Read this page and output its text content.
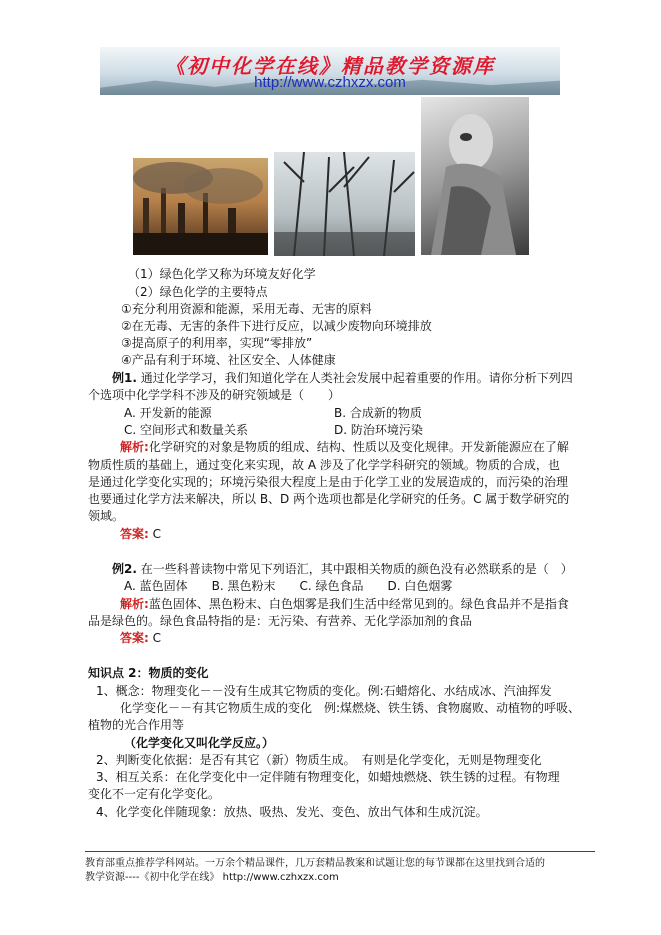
《初中化学在线》精品教学资源库
http://www.czhxzx.com
（1）绿色化学又称为环境友好化学
（2）绿色化学的主要特点
①充分利用资源和能源，采用无毒、无害的原料
②在无毒、无害的条件下进行反应，以减少废物向环境排放
③提高原子的利用率，实现“零排放”
④产品有利于环境、社区安全、人体健康
例1. 通过化学学习，我们知道化学在人类社会发展中起着重要的作用。请你分析下列四
个选项中化学学科不涉及的研究领域是（　　）
A. 开发新的能源	B. 合成新的物质
C. 空间形式和数量关系	D. 防治环境污染
解析:化学研究的对象是物质的组成、结构、性质以及变化规律。开发新能源应在了解
物质性质的基础上，通过变化来实现，故 A 涉及了化学学科研究的领域。物质的合成，也
是通过化学变化实现的；环境污染很大程度上是由于化学工业的发展造成的，而污染的治理
也要通过化学方法来解决，所以 B、D 两个选项也都是化学研究的任务。C 属于数学研究的
领域。
答案: C
例2. 在一些科普读物中常见下列语汇，其中跟相关物质的颜色没有必然联系的是（　）
A. 蓝色固体　　B. 黑色粉末　　C. 绿色食品　　D. 白色烟雾
解析:蓝色固体、黑色粉末、白色烟雾是我们生活中经常见到的。绿色食品并不是指食
品是绿色的。绿色食品特指的是：无污染、有营养、无化学添加剂的食品
答案: C
知识点 2：物质的变化
1、概念：物理变化－－没有生成其它物质的变化。例:石蜡熔化、水结成冰、汽油挥发
化学变化－－有其它物质生成的变化　例:煤燃烧、铁生锈、食物腐败、动植物的呼吸、
植物的光合作用等
（化学变化又叫化学反应。）
2、判断变化依据：是否有其它（新）物质生成。　有则是化学变化，无则是物理变化
3、相互关系：在化学变化中一定伴随有物理变化，如蜡烛燃烧、铁生锈的过程。有物理
变化不一定有化学变化。
4、化学变化伴随现象：放热、吸热、发光、变色、放出气体和生成沉淀。
教育部重点推荐学科网站。一万余个精品课件，几万套精品教案和试题让您的每节课都在这里找到合适的
教学资源----《初中化学在线》 http://www.czhxzx.com
